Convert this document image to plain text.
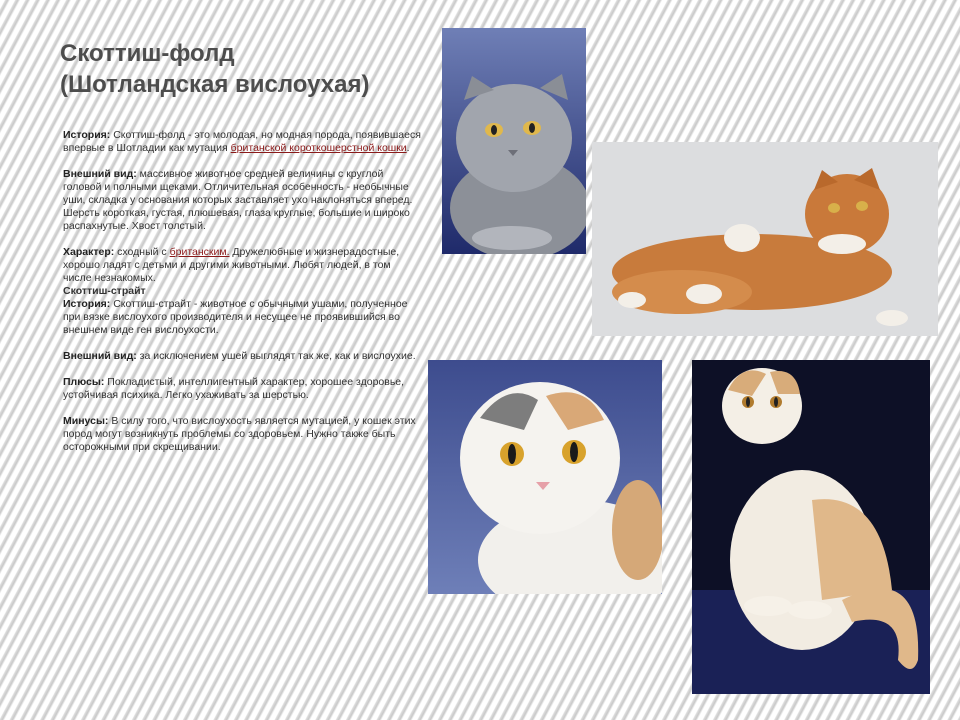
Скоттиш-фолд
(Шотландская вислоухая)

История: Скоттиш-фолд - это молодая, но модная порода, появившаеся впервые в Шотладии как мутация британской короткошерстной кошки.

Внешний вид: массивное животное средней величины с круглой головой и полными щеками. Отличительная особенность - необычные уши, складка у основания которых заставляет ухо наклоняться вперед. Шерсть короткая, густая, плюшевая, глаза круглые, большие и широко распахнутые. Хвост толстый.

Характер: сходный с британским. Дружелюбные и жизнерадостные, хорошо ладят с детьми и другими животными. Любят людей, в том числе незнакомых.

Скоттиш-страйт

История: Скоттиш-страйт - животное с обычными ушами, полученное при вязке вислоухого производителя и несущее не проявившийся во внешнем виде ген вислоухости.

Внешний вид: за исключением ушей выглядят так же, как и вислоухие.

Плюсы: Покладистый, интеллигентный характер, хорошее здоровье, устойчивая психика. Легко ухаживать за шерстью.

Минусы: В силу того, что вислоухость является мутацией, у кошек этих пород могут возникнуть проблемы со здоровьем. Нужно также быть осторожными при скрещивании.
